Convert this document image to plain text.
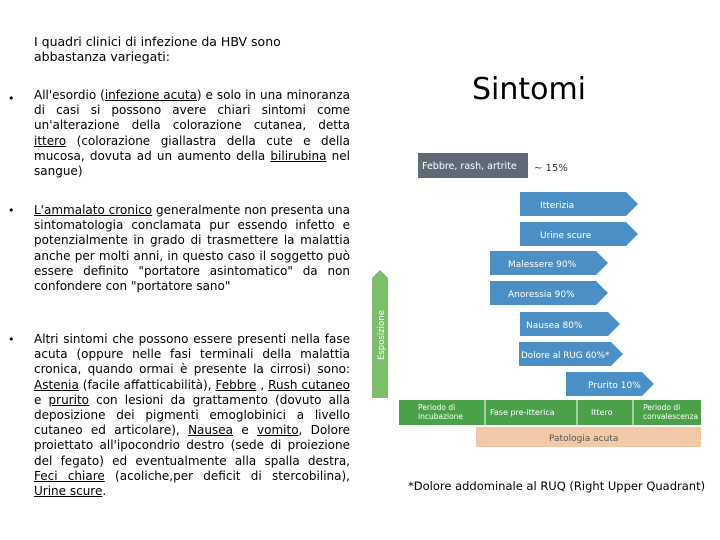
I quadri clinici di infezione da HBV sono abbastanza variegati:
• All'esordio (infezione acuta) e solo in una minoranza di casi si possono avere chiari sintomi come un'alterazione della colorazione cutanea, detta ittero (colorazione giallastra della cute e della mucosa, dovuta ad un aumento della bilirubina nel sangue)
• L'ammalato cronico generalmente non presenta una sintomatologia conclamata pur essendo infetto e potenzialmente in grado di trasmettere la malattia anche per molti anni, in questo caso il soggetto può essere definito "portatore asintomatico" da non confondere con "portatore sano"
• Altri sintomi che possono essere presenti nella fase acuta (oppure nelle fasi terminali della malattia cronica, quando ormai è presente la cirrosi) sono: Astenia (facile affatticabilità), Febbre , Rush cutaneo e prurito con lesioni da grattamento (dovuto alla deposizione dei pigmenti emoglobinici a livello cutaneo ed articolare), Nausea e vomito, Dolore proiettato all'ipocondrio destro (sede di proiezione del fegato) ed eventualmente alla spalla destra, Feci chiare (acoliche,per deficit di stercobilina), Urine scure.
Sintomi
Febbre, rash, artrite ~ 15%
Esposizione
Itterizia
Urine scure
Malessere 90%
Anoressia 90%
Nausea 80%
Dolore al RUG 60%*
Prurito 10%
Periodo di incubazione	Fase pre-itterica	Ittero
Periodo di convalescenza
Patologia acuta
*Dolore addominale al RUQ (Right Upper Quadrant)
